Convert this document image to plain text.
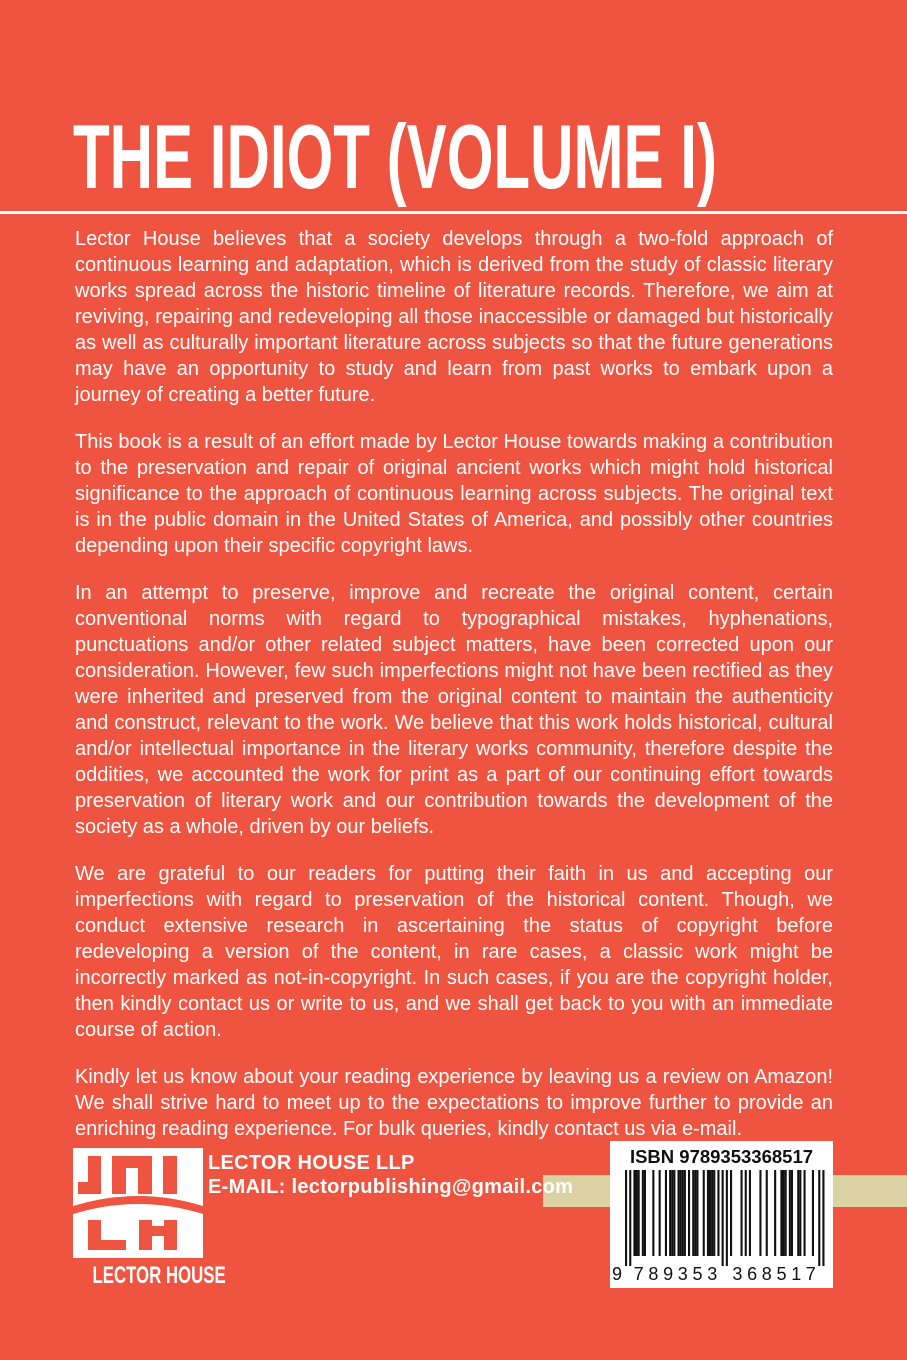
THE IDIOT (VOLUME I)

Lector House believes that a society develops through a two-fold approach of continuous learning and adaptation, which is derived from the study of classic literary works spread across the historic timeline of literature records. Therefore, we aim at reviving, repairing and redeveloping all those inaccessible or damaged but historically as well as culturally important literature across subjects so that the future generations may have an opportunity to study and learn from past works to embark upon a journey of creating a better future.

This book is a result of an effort made by Lector House towards making a contribution to the preservation and repair of original ancient works which might hold historical significance to the approach of continuous learning across subjects. The original text is in the public domain in the United States of America, and possibly other countries depending upon their specific copyright laws.

In an attempt to preserve, improve and recreate the original content, certain conventional norms with regard to typographical mistakes, hyphenations, punctuations and/or other related subject matters, have been corrected upon our consideration. However, few such imperfections might not have been rectified as they were inherited and preserved from the original content to maintain the authenticity and construct, relevant to the work. We believe that this work holds historical, cultural and/or intellectual importance in the literary works community, therefore despite the oddities, we accounted the work for print as a part of our continuing effort towards preservation of literary work and our contribution towards the development of the society as a whole, driven by our beliefs.

We are grateful to our readers for putting their faith in us and accepting our imperfections with regard to preservation of the historical content. Though, we conduct extensive research in ascertaining the status of copyright before redeveloping a version of the content, in rare cases, a classic work might be incorrectly marked as not-in-copyright. In such cases, if you are the copyright holder, then kindly contact us or write to us, and we shall get back to you with an immediate course of action.

Kindly let us know about your reading experience by leaving us a review on Amazon! We shall strive hard to meet up to the expectations to improve further to provide an enriching reading experience. For bulk queries, kindly contact us via e-mail.

LECTOR HOUSE
LECTOR HOUSE LLP
E-MAIL: lectorpublishing@gmail.com
ISBN 9789353368517
9 7 8 9 3 5 3 3 6 8 5 1 7
